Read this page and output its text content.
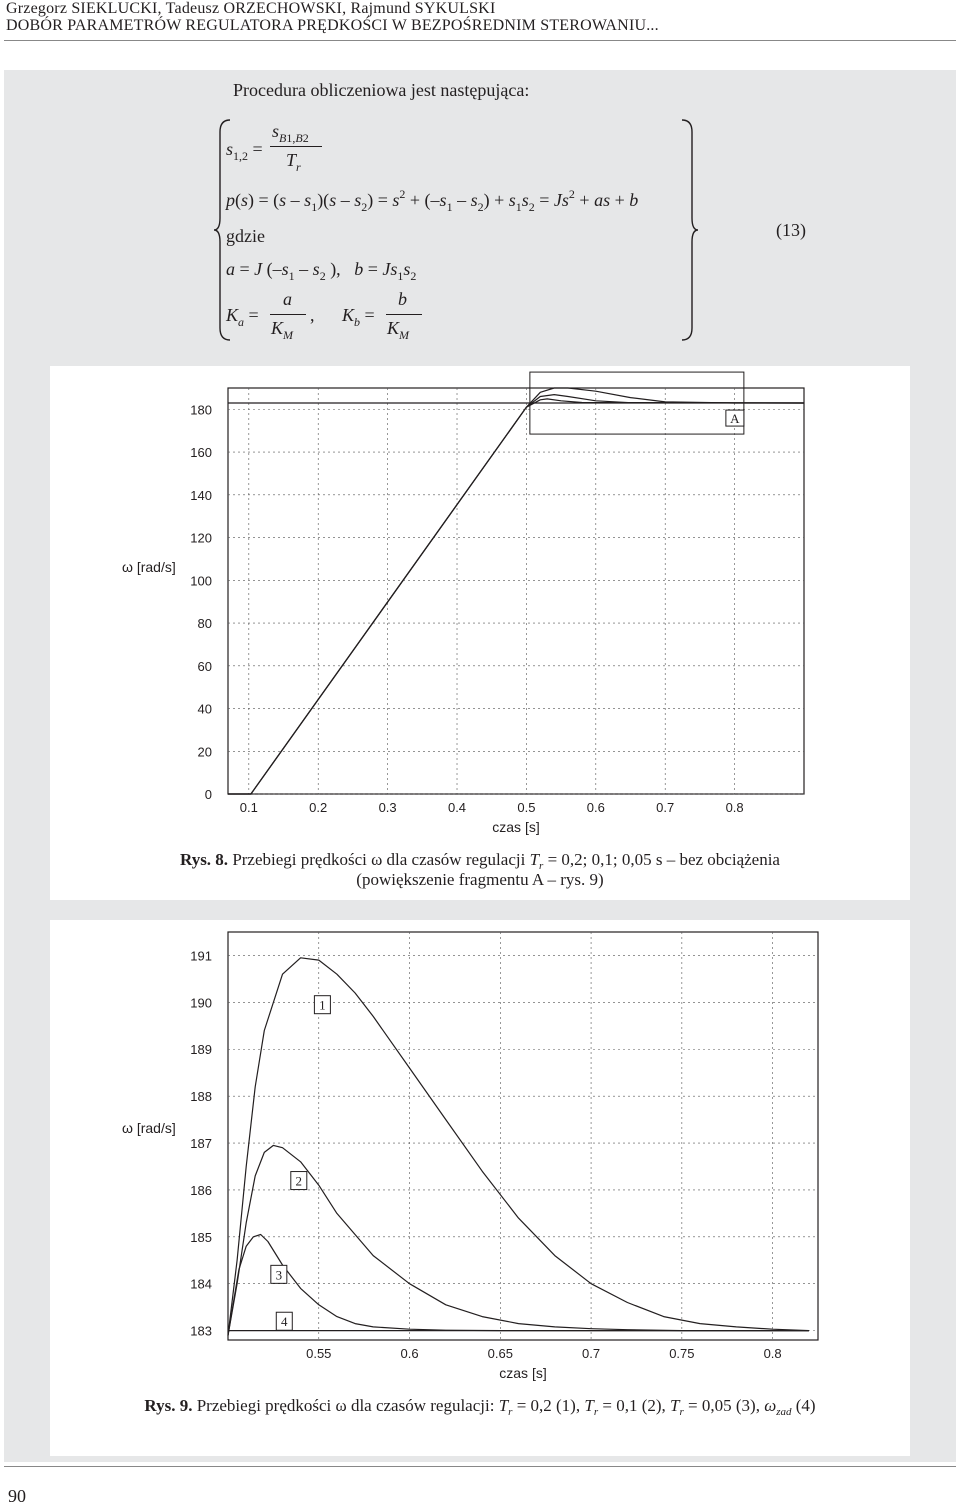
Grzegorz SIEKLUCKI, Tadeusz ORZECHOWSKI, Rajmund SYKULSKI
DOBÓR PARAMETRÓW REGULATORA PRĘDKOŚCI W BEZPOŚREDNIM STEROWANIU...
Procedura obliczeniowa jest następująca:
$s_{1,2}$ =
$s_{B1,B2}$
$T_r$
$p(s) = (s - s_1)(s - s_2) = s^2 + (-s_1 - s_2) + s_1s_2 = Js^2$ + as + b
gdzie
a = J ($-s_1 - s_2$ ),   $b = Js_1s_2$
$K_a$ =
a
$K_M$
, $K_b$ =
b
$K_M$
(13)
0.1	0.2	0.3	0.4	0.5	0.6	0.7	0.8
0
20
40
60
80
100
120
140
160
180
czas [s]
ω [rad/s]
A
Rys. 8. Przebiegi prędkości ω dla czasów regulacji $T_r = 0,2$; 0,1; 0,05 s – bez obciążenia
(powiększenie fragmentu A – rys. 9)
0.55	0.6	0.65	0.7	0.75	0.8
183
184
185
186
187
188
189
190
191
czas [s]
ω [rad/s]
1
2
3
4
Rys. 9. Przebiegi prędkości ω dla czasów regulacji: $T_r = 0,2$ (1), $T_r = 0,1$ (2), $T_r = 0,05$ (3), $\omega_{zad}$ (4)
90
